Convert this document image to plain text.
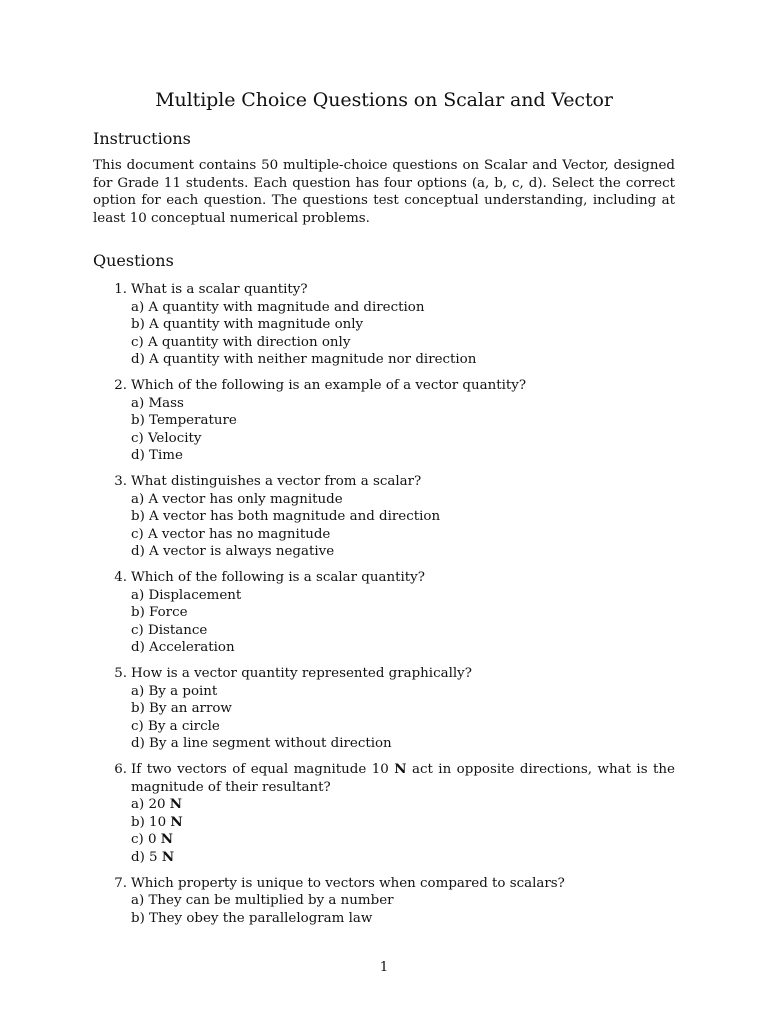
Multiple Choice Questions on Scalar and Vector
Instructions

This document contains 50 multiple-choice questions on Scalar and Vector, designed for Grade 11 students. Each question has four options (a, b, c, d). Select the correct option for each question. The questions test conceptual understanding, including at least 10 conceptual numerical problems.

Questions
1. What is a scalar quantity?
a) A quantity with magnitude and direction
b) A quantity with magnitude only
c) A quantity with direction only
d) A quantity with neither magnitude nor direction
2. Which of the following is an example of a vector quantity?
a) Mass
b) Temperature
c) Velocity
d) Time
3. What distinguishes a vector from a scalar?
a) A vector has only magnitude
b) A vector has both magnitude and direction
c) A vector has no magnitude
d) A vector is always negative
4. Which of the following is a scalar quantity?
a) Displacement
b) Force
c) Distance
d) Acceleration
5. How is a vector quantity represented graphically?
a) By a point
b) By an arrow
c) By a circle
d) By a line segment without direction
6. If two vectors of equal magnitude 10 N act in opposite directions, what is the magnitude of their resultant?
a) 20 N
b) 10 N
c) 0 N
d) 5 N
7. Which property is unique to vectors when compared to scalars?
a) They can be multiplied by a number
b) They obey the parallelogram law
1
